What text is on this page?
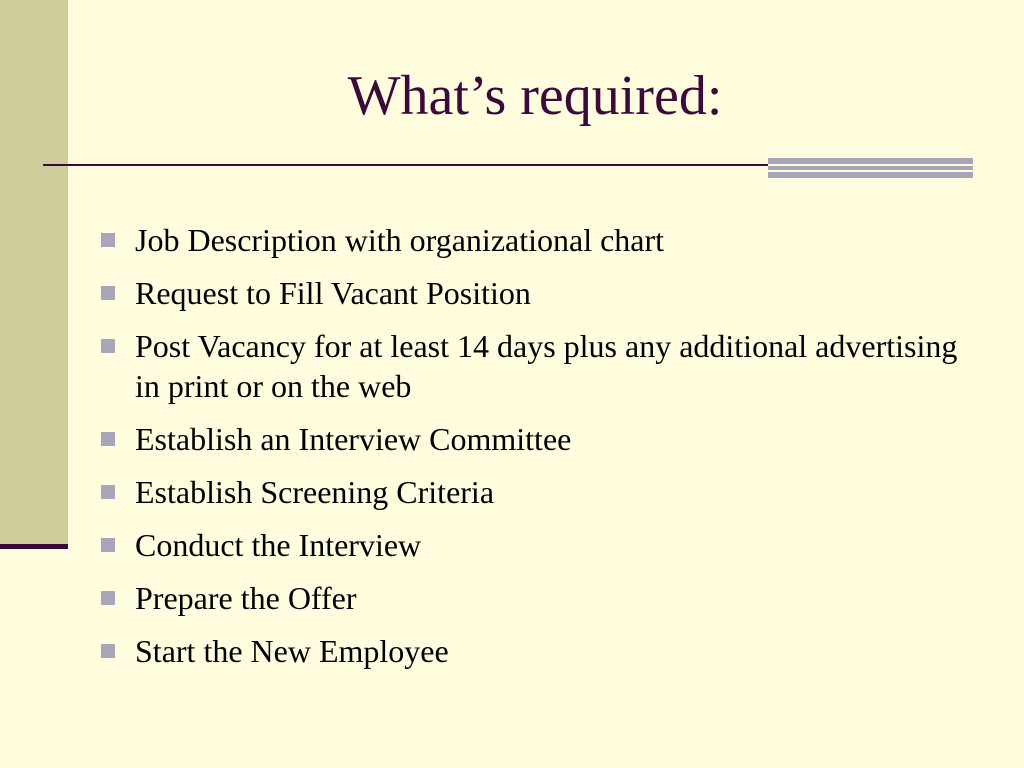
What’s required:
Job Description with organizational chart
Request to Fill Vacant Position
Post Vacancy for at least 14 days plus any additional advertising in print or on the web
Establish an Interview Committee
Establish Screening Criteria
Conduct the Interview
Prepare the Offer
Start the New Employee
